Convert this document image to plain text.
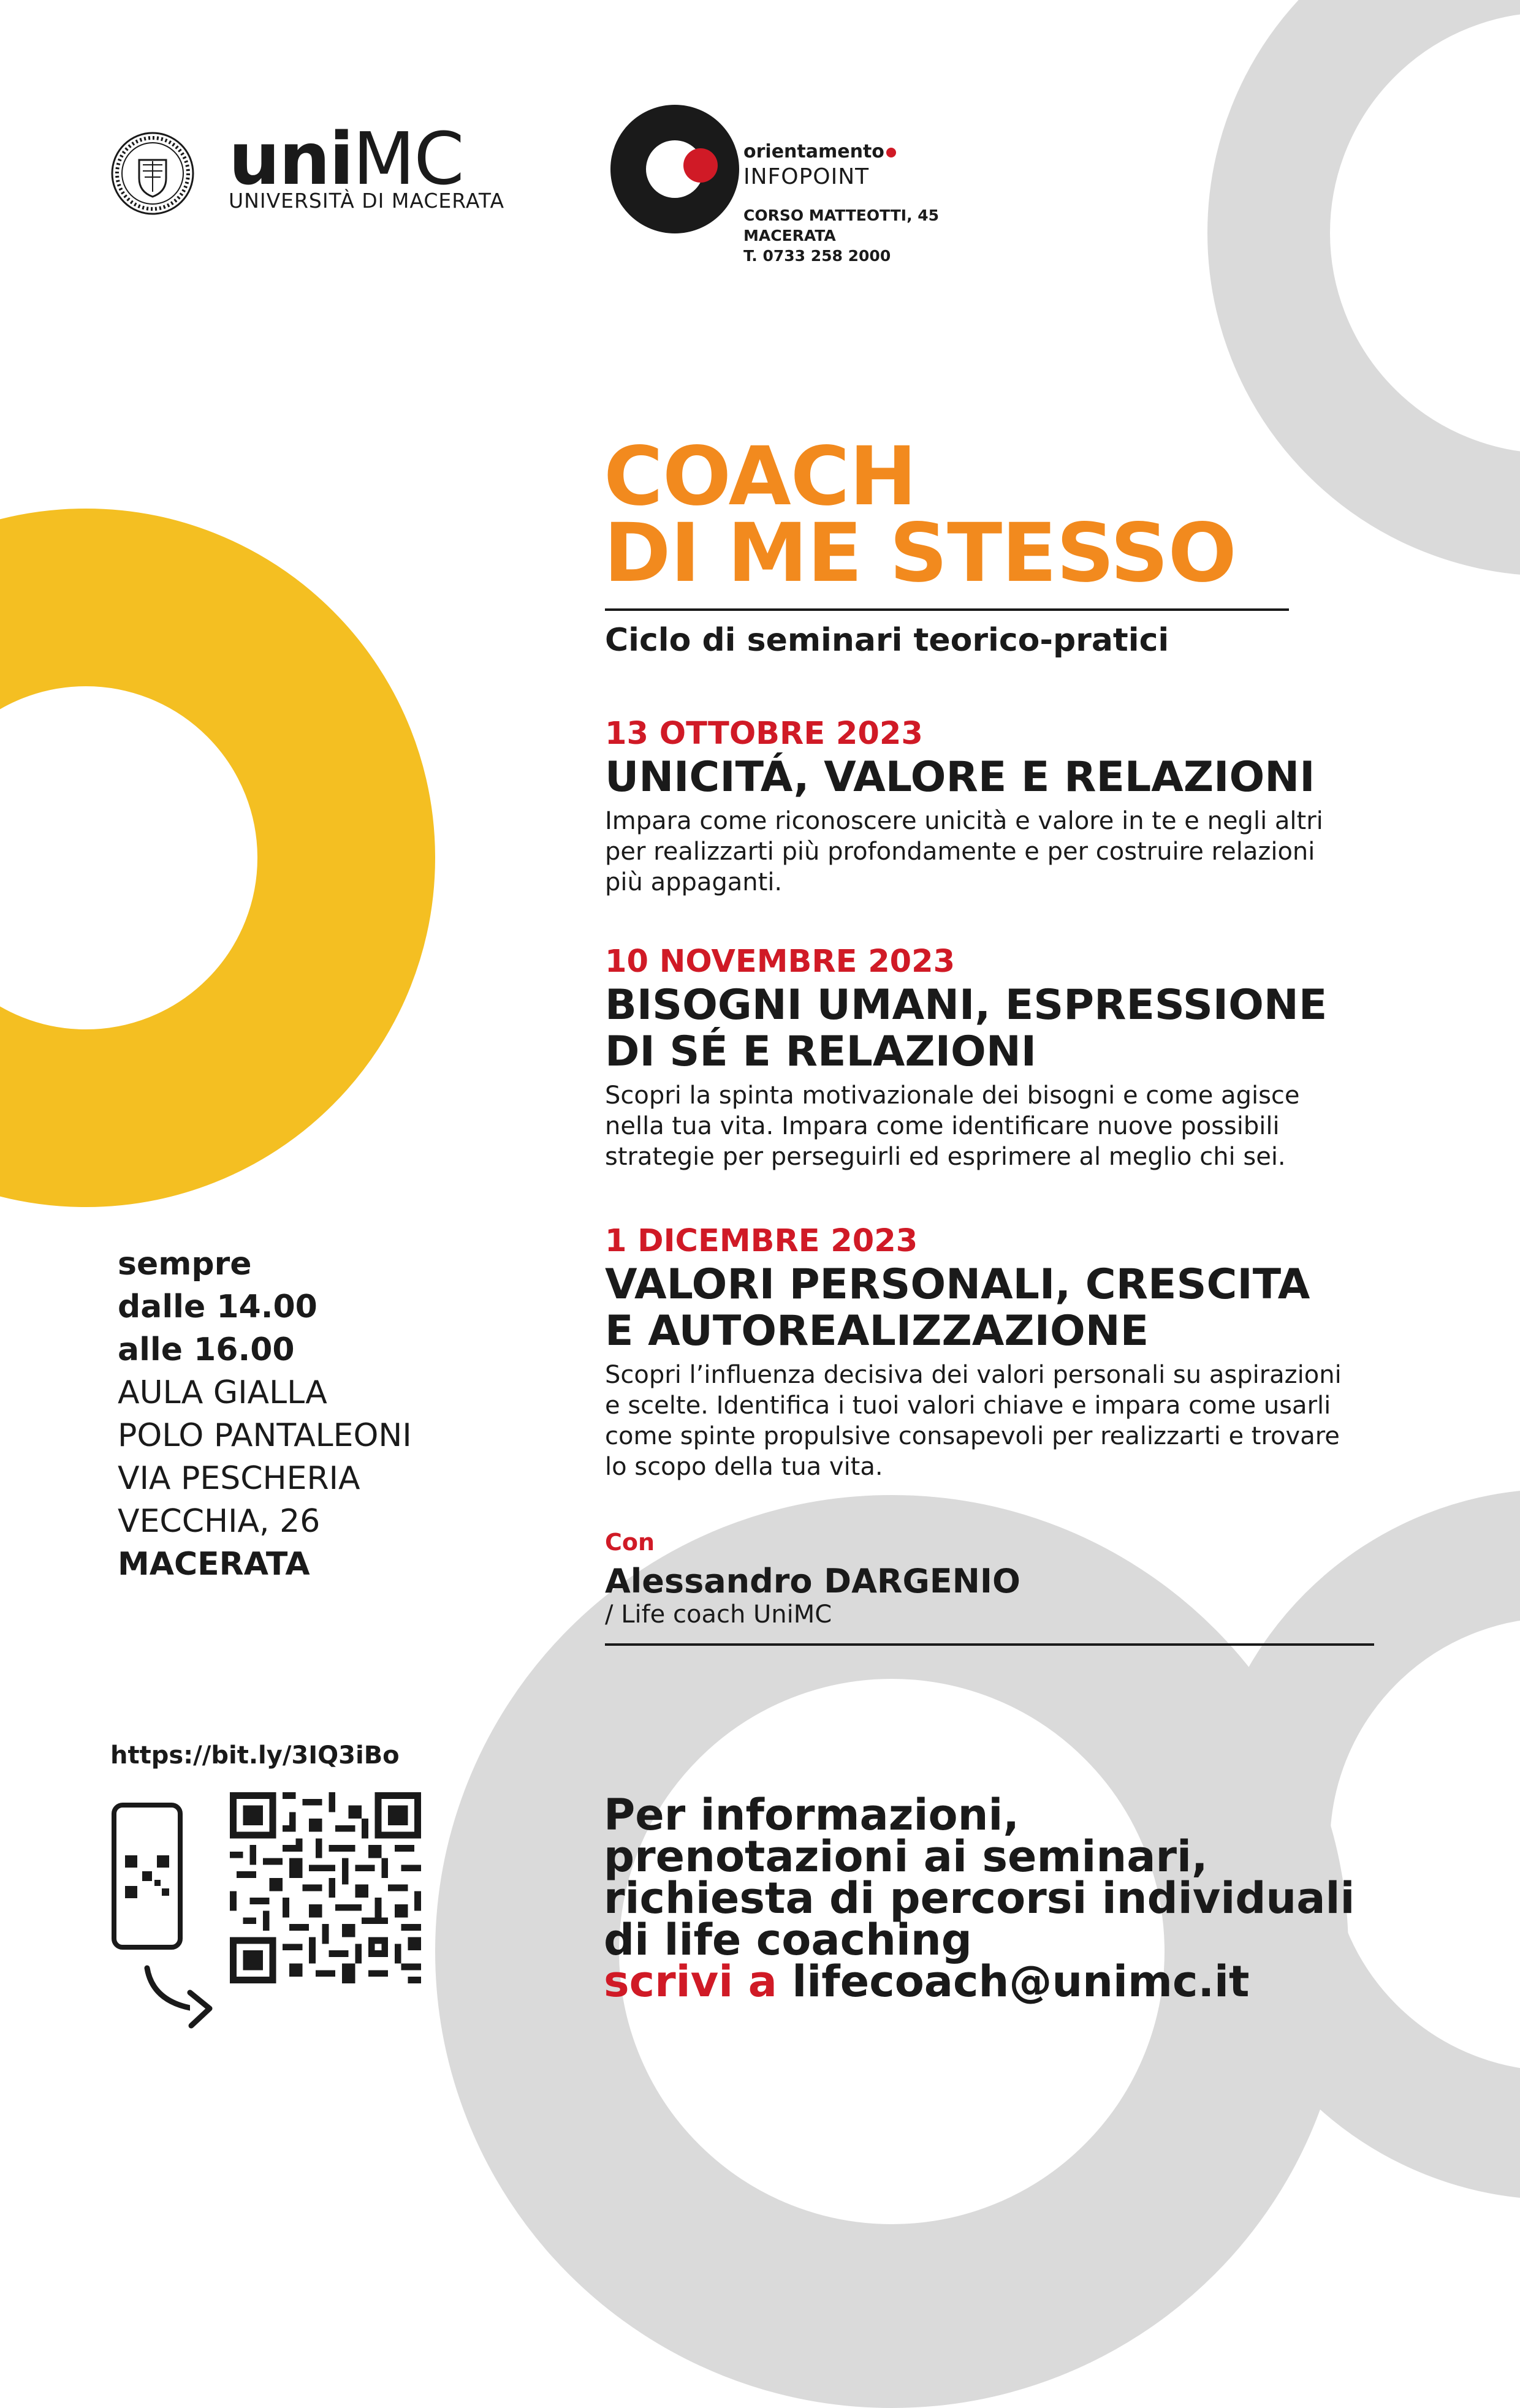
uniMC
UNIVERSITÀ DI MACERATA
orientamento
INFOPOINT
CORSO MATTEOTTI, 45
MACERATA
T. 0733 258 2000
COACH
DI ME STESSO
Ciclo di seminari teorico-pratici
13 OTTOBRE 2023
UNICITÁ, VALORE E RELAZIONI
Impara come riconoscere unicità e valore in te e negli altri
per realizzarti più profondamente e per costruire relazioni
più appaganti.
10 NOVEMBRE 2023
BISOGNI UMANI, ESPRESSIONE
DI SÉ E RELAZIONI
Scopri la spinta motivazionale dei bisogni e come agisce
nella tua vita. Impara come identificare nuove possibili
strategie per perseguirli ed esprimere al meglio chi sei.
1 DICEMBRE 2023
VALORI PERSONALI, CRESCITA
E AUTOREALIZZAZIONE
Scopri l’influenza decisiva dei valori personali su aspirazioni
e scelte. Identifica i tuoi valori chiave e impara come usarli
come spinte propulsive consapevoli per realizzarti e trovare
lo scopo della tua vita.
Con
Alessandro DARGENIO
/ Life coach UniMC
sempre
dalle 14.00
alle 16.00
AULA GIALLA
POLO PANTALEONI
VIA PESCHERIA
VECCHIA, 26
MACERATA
https://bit.ly/3IQ3iBo
Per informazioni,
prenotazioni ai seminari,
richiesta di percorsi individuali
di life coaching
scrivi a lifecoach@unimc.it
